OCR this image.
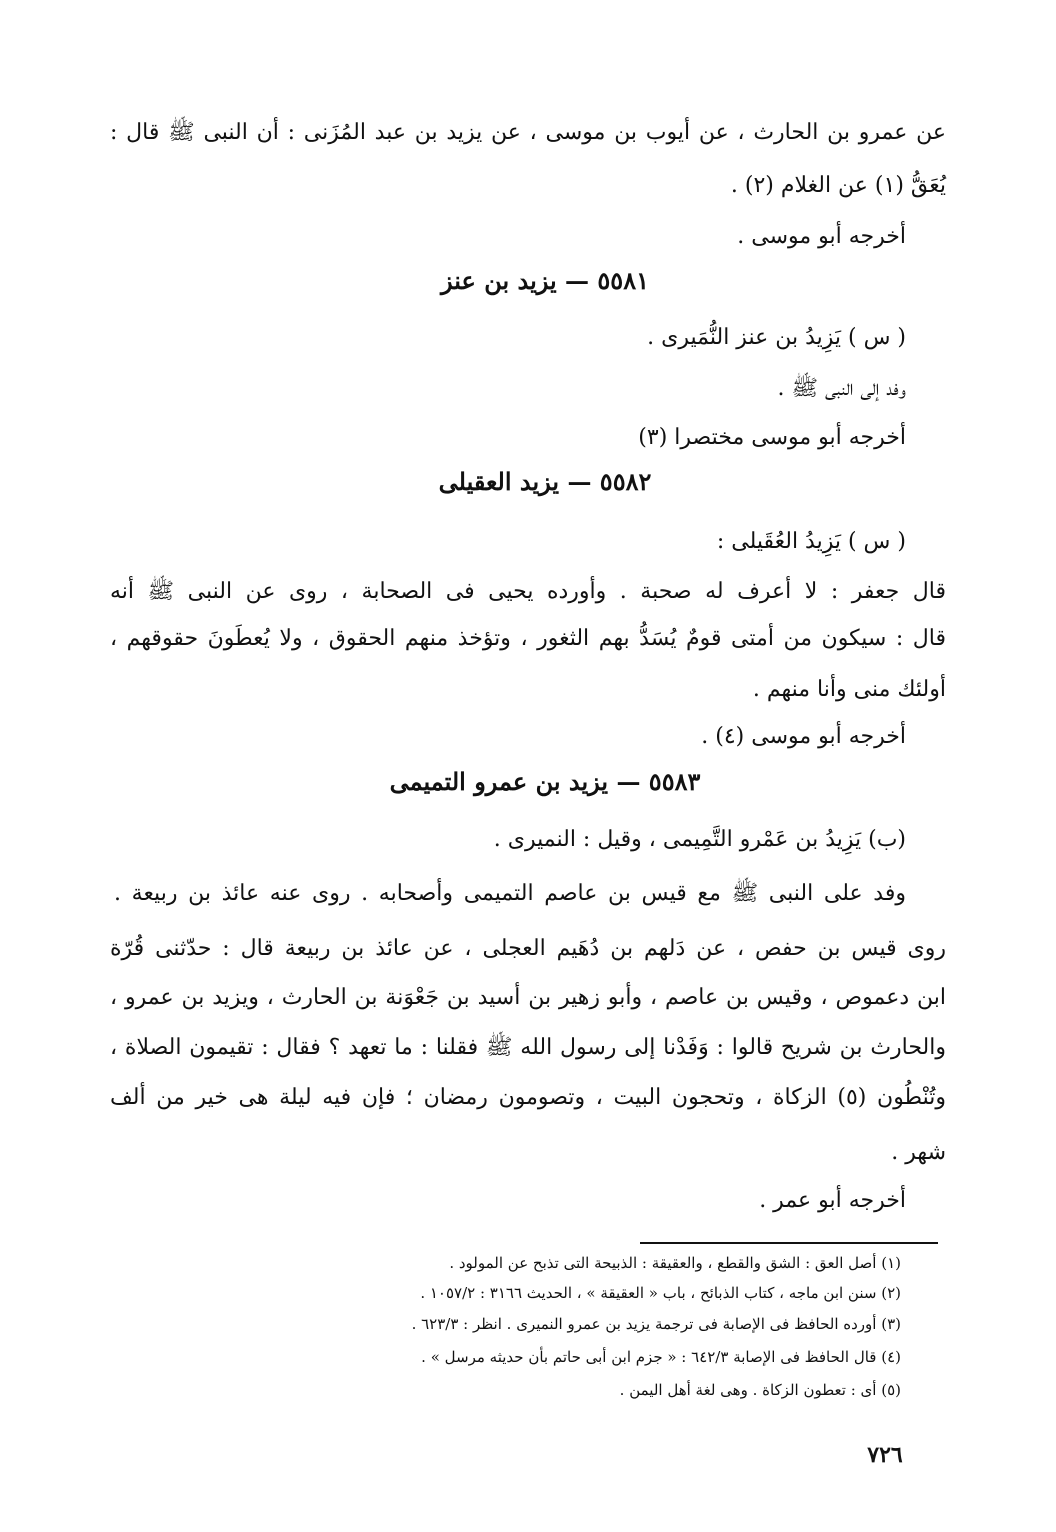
عن عمرو بن الحارث ، عن أيوب بن موسى ، عن يزيد بن عبد المُزَنى : أن النبى ﷺ قال :
يُعَقُّ (١) عن الغلام (٢) .
أخرجه أبو موسى .
٥٥٨١ — يزيد بن عنز
( س ) يَزِيدُ بن عنز النُّمَيرى .
وفد إلى النبى ﷺ .
أخرجه أبو موسى مختصرا (٣)
٥٥٨٢ — يزيد العقيلى
( س ) يَزِيدُ العُقَيلى :
قال جعفر : لا أعرف له صحبة . وأورده يحيى فى الصحابة ، روى عن النبى ﷺ أنه
قال : سيكون من أمتى قومٌ يُسَدُّ بهم الثغور ، وتؤخذ منهم الحقوق ، ولا يُعطَونَ حقوقهم ،
أولئك منى وأنا منهم .
أخرجه أبو موسى (٤) .
٥٥٨٣ — يزيد بن عمرو التميمى
(ب) يَزِيدُ بن عَمْرو التَّمِيمى ، وقيل : النميرى .
وفد على النبى ﷺ مع قيس بن عاصم التميمى وأصحابه . روى عنه عائذ بن ربيعة .
روى قيس بن حفص ، عن دَلهم بن دُهَيم العجلى ، عن عائذ بن ربيعة قال : حدّثنى قُرّة
ابن دعموص ، وقيس بن عاصم ، وأبو زهير بن أسيد بن جَعْوَنة بن الحارث ، ويزيد بن عمرو ،
والحارث بن شريح قالوا : وَفَدْنا إلى رسول الله ﷺ فقلنا : ما تعهد ؟ فقال : تقيمون الصلاة ،
وتُنْطُون (٥) الزكاة ، وتحجون البيت ، وتصومون رمضان ؛ فإن فيه ليلة هى خير من ألف
شهر .
أخرجه أبو عمر .
(١) أصل العق : الشق والقطع ، والعقيقة : الذبيحة التى تذبح عن المولود .
(٢) سنن ابن ماجه ، كتاب الذبائح ، باب « العقيقة » ، الحديث ٣١٦٦ : ١٠٥٧/٢ .
(٣) أورده الحافظ فى الإصابة فى ترجمة يزيد بن عمرو النميرى . انظر : ٦٢٣/٣ .
(٤) قال الحافظ فى الإصابة ٦٤٢/٣ : « جزم ابن أبى حاتم بأن حديثه مرسل » .
(٥) أى : تعطون الزكاة . وهى لغة أهل اليمن .
٧٢٦
